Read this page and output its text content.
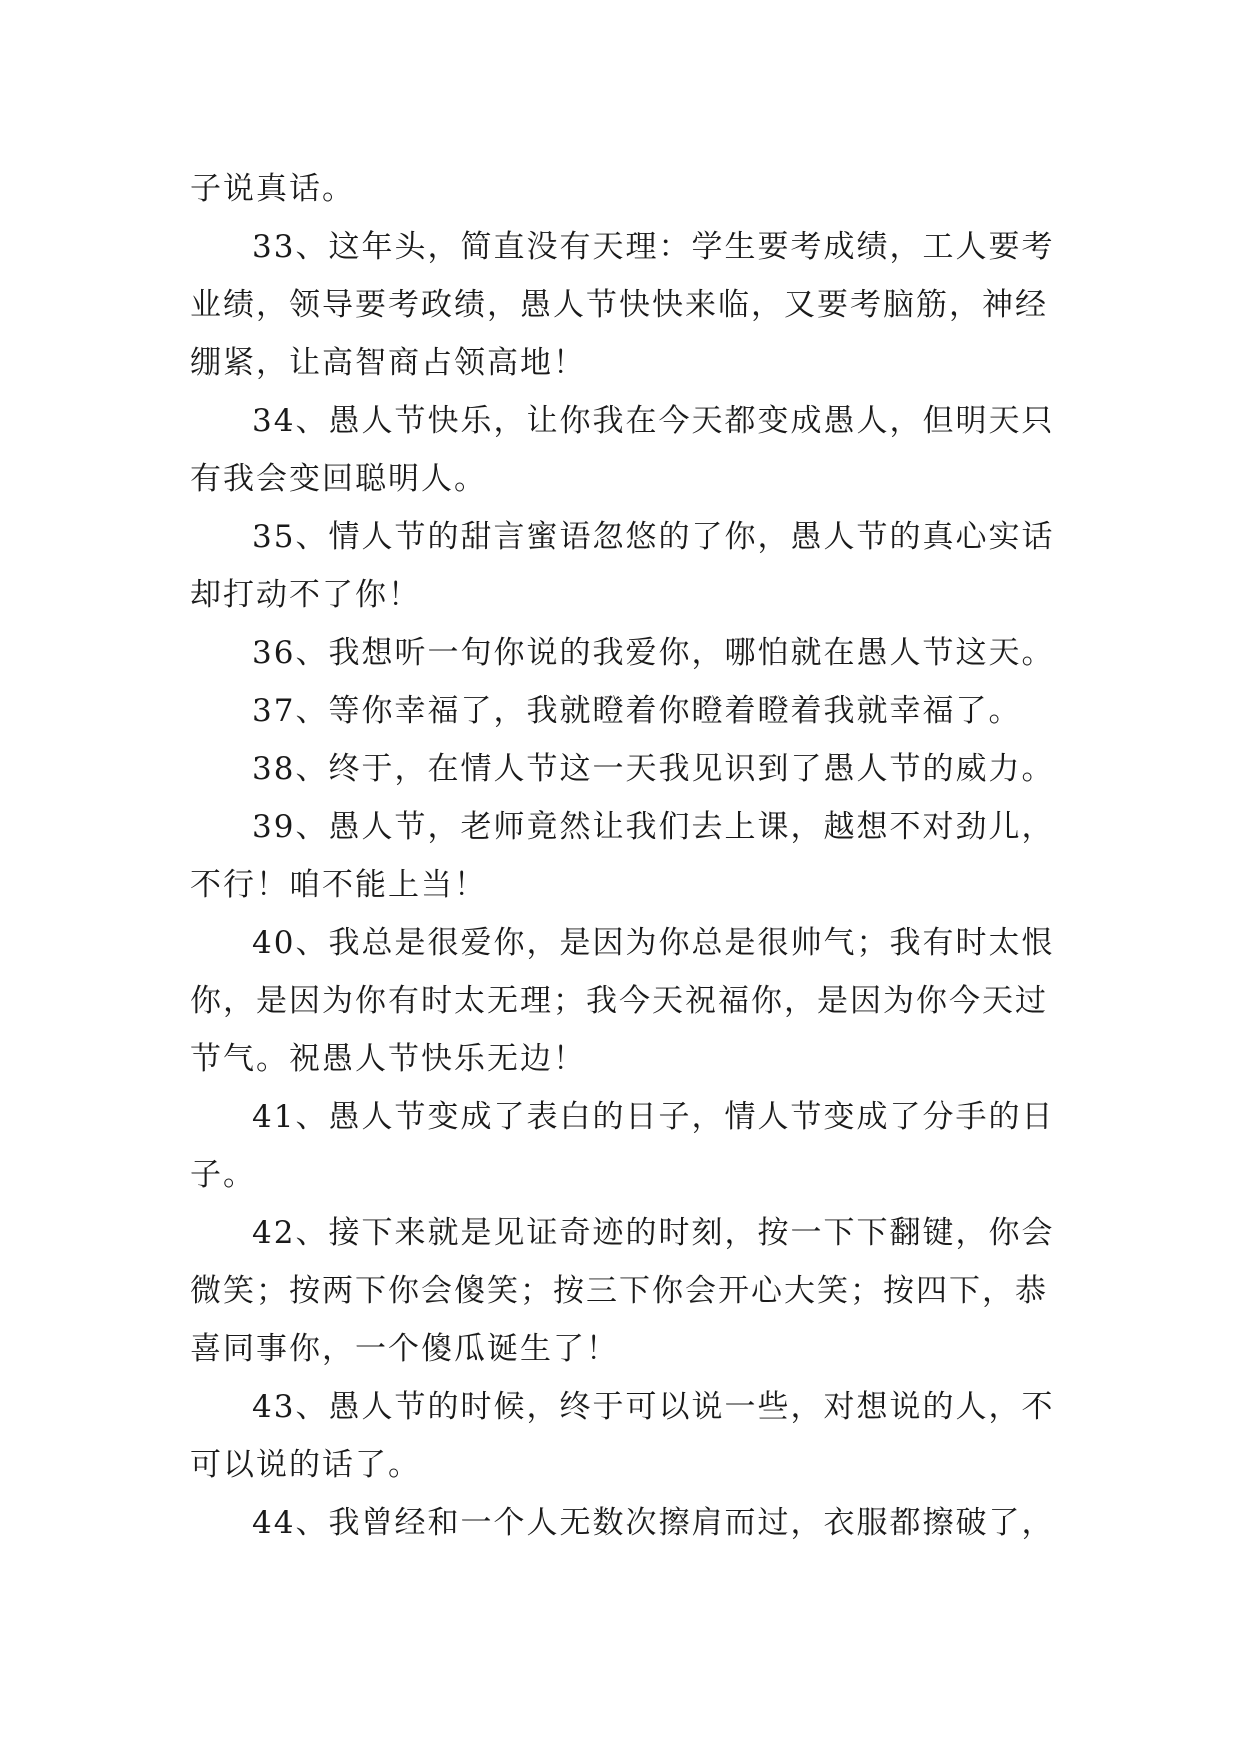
子说真话。
33、这年头，简直没有天理：学生要考成绩，工人要考
业绩，领导要考政绩，愚人节快快来临，又要考脑筋，神经
绷紧，让高智商占领高地！
34、愚人节快乐，让你我在今天都变成愚人，但明天只
有我会变回聪明人。
35、情人节的甜言蜜语忽悠的了你，愚人节的真心实话
却打动不了你！
36、我想听一句你说的我爱你，哪怕就在愚人节这天。
37、等你幸福了，我就瞪着你瞪着瞪着我就幸福了。
38、终于，在情人节这一天我见识到了愚人节的威力。
39、愚人节，老师竟然让我们去上课，越想不对劲儿，
不行！咱不能上当！
40、我总是很爱你，是因为你总是很帅气；我有时太恨
你，是因为你有时太无理；我今天祝福你，是因为你今天过
节气。祝愚人节快乐无边！
41、愚人节变成了表白的日子，情人节变成了分手的日
子。
42、接下来就是见证奇迹的时刻，按一下下翻键，你会
微笑；按两下你会傻笑；按三下你会开心大笑；按四下，恭
喜同事你，一个傻瓜诞生了！
43、愚人节的时候，终于可以说一些，对想说的人，不
可以说的话了。
44、我曾经和一个人无数次擦肩而过，衣服都擦破了，
